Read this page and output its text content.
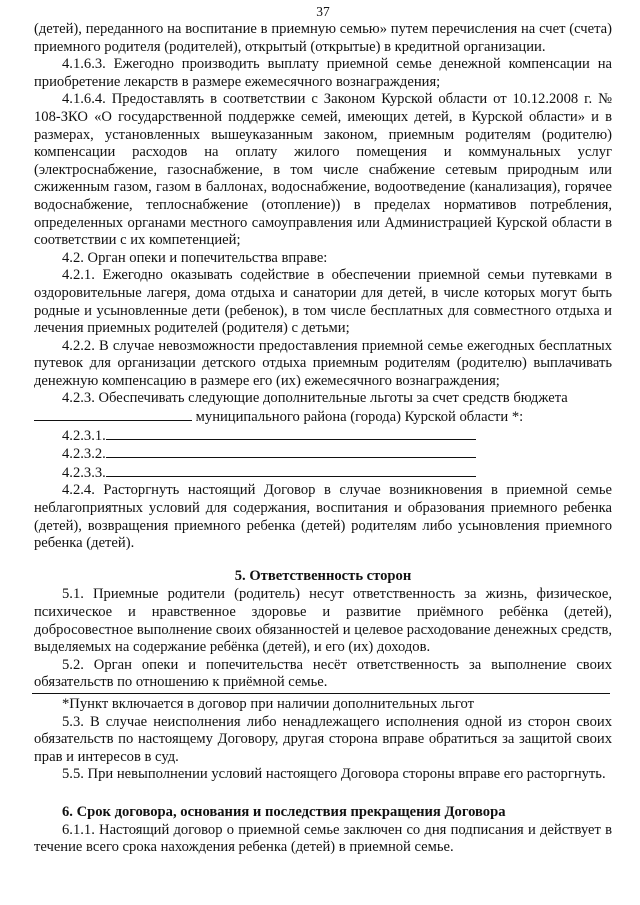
37

(детей), переданного на воспитание в приемную семью» путем перечисления на счет (счета) приемного родителя (родителей), открытый (открытые) в кредитной организации.

4.1.6.3. Ежегодно производить выплату приемной семье денежной компенсации на приобретение лекарств в размере ежемесячного вознаграждения;

4.1.6.4. Предоставлять в соответствии с Законом Курской области от 10.12.2008 г. № 108-ЗКО «О государственной поддержке семей, имеющих детей, в Курской области» и в размерах, установленных вышеуказанным законом, приемным родителям (родителю) компенсации расходов на оплату жилого помещения и коммунальных услуг (электроснабжение, газоснабжение, в том числе снабжение сетевым природным или сжиженным газом, газом в баллонах, водоснабжение, водоотведение (канализация), горячее водоснабжение, теплоснабжение (отопление)) в пределах нормативов потребления, определенных органами местного самоуправления или Администрацией Курской области в соответствии с их компетенцией;

4.2. Орган опеки и попечительства вправе:

4.2.1. Ежегодно оказывать содействие в обеспечении приемной семьи путевками в оздоровительные лагеря, дома отдыха и санатории для детей, в числе которых могут быть родные и усыновленные дети (ребенок), в том числе бесплатных для совместного отдыха и лечения приемных родителей (родителя) с детьми;

4.2.2. В случае невозможности предоставления приемной семье ежегодных бесплатных путевок для организации детского отдыха приемным родителям (родителю) выплачивать денежную компенсацию в размере его (их) ежемесячного вознаграждения;

4.2.3. Обеспечивать следующие дополнительные льготы за счет средств бюджета

муниципального района (города) Курской области *:

4.2.3.1.

4.2.3.2.

4.2.3.3.

4.2.4. Расторгнуть настоящий Договор в случае возникновения в приемной семье неблагоприятных условий для содержания, воспитания и образования приемного ребенка (детей), возвращения приемного ребенка (детей) родителям либо усыновления приемного ребенка (детей).

5. Ответственность сторон

5.1. Приемные родители (родитель) несут ответственность за жизнь, физическое, психическое и нравственное здоровье и развитие приёмного ребёнка (детей), добросовестное выполнение своих обязанностей и целевое расходование денежных средств, выделяемых на содержание ребёнка (детей), и его (их) доходов.

5.2. Орган опеки и попечительства несёт ответственность за выполнение своих обязательств по отношению к приёмной семье.

*Пункт включается в договор при наличии дополнительных льгот

5.3. В случае неисполнения либо ненадлежащего исполнения одной из сторон своих обязательств по настоящему Договору, другая сторона вправе обратиться за защитой своих прав и интересов в суд.

5.5. При невыполнении условий настоящего Договора стороны вправе его расторгнуть.

6. Срок договора, основания и последствия прекращения Договора

6.1.1. Настоящий договор о приемной семье заключен со дня подписания и действует в течение всего срока нахождения ребенка (детей) в приемной семье.
